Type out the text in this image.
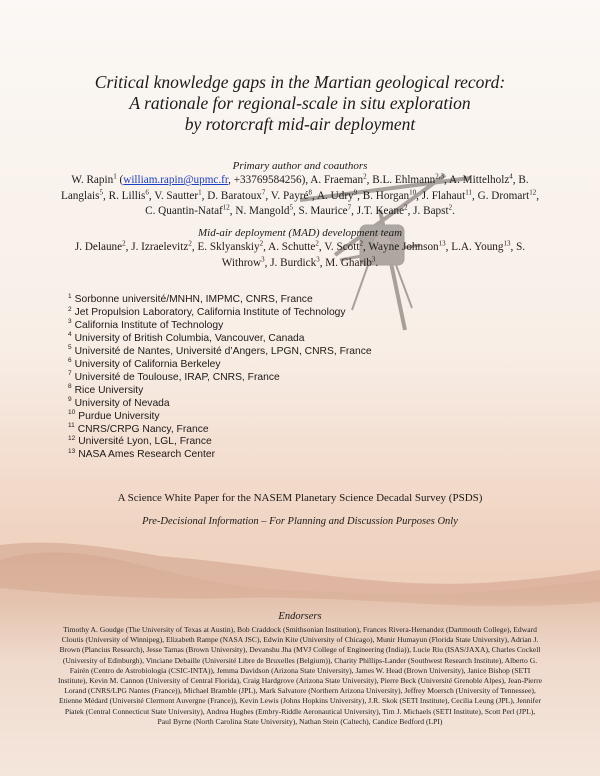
Critical knowledge gaps in the Martian geological record:
A rationale for regional-scale in situ exploration
by rotorcraft mid-air deployment
Primary author and coauthors
W. Rapin$^1$ (william.rapin@upmc.fr, +33769584256), A. Fraeman$^2$, B.L. Ehlmann$^{2,3}$, A. Mittelholz$^4$, B. Langlais$^5$, R. Lillis$^6$, V. Sautter$^1$, D. Baratoux$^7$, V. Payré$^8$, A. Udry$^9$, B. Horgan$^{10}$, J. Flahaut$^{11}$, G. Dromart$^{12}$, C. Quantin-Nataf$^{12}$, N. Mangold$^5$, S. Maurice$^7$, J.T. Keane$^2$, J. Bapst$^2$.
Mid-air deployment (MAD) development team
J. Delaune$^2$, J. Izraelevitz$^2$, E. Sklyanskiy$^2$, A. Schutte$^2$, V. Scott$^2$, Wayne Johnson$^{13}$, L.A. Young$^{13}$, S. Withrow$^3$, J. Burdick$^3$, M. Gharib$^3$.
$^1$ Sorbonne université/MNHN, IMPMC, CNRS, France
$^2$ Jet Propulsion Laboratory, California Institute of Technology
$^3$ California Institute of Technology
$^4$ University of British Columbia, Vancouver, Canada
$^5$ Université de Nantes, Université d’Angers, LPGN, CNRS, France
$^6$ University of California Berkeley
$^7$ Université de Toulouse, IRAP, CNRS, France
$^8$ Rice University
$^9$ University of Nevada
$^{10}$ Purdue University
$^{11}$ CNRS/CRPG Nancy, France
$^{12}$ Université Lyon, LGL, France
$^{13}$ NASA Ames Research Center
A Science White Paper for the NASEM Planetary Science Decadal Survey (PSDS)
Pre-Decisional Information – For Planning and Discussion Purposes Only
Endorsers
Timothy A. Goudge (The University of Texas at Austin), Bob Craddock (Smithsonian Institution), Frances Rivera-Hernandez (Dartmouth College), Edward Cloutis (University of Winnipeg), Elizabeth Rampe (NASA JSC), Edwin Kite (University of Chicago), Munir Humayun (Florida State University), Adrian J. Brown (Plancius Research), Jesse Tarnas (Brown University), Devanshu Jha (MVJ College of Engineering (India)), Lucie Riu (ISAS/JAXA), Charles Cockell (University of Edinburgh), Vinciane Debaille (Université Libre de Bruxelles (Belgium)), Charity Phillips-Lander (Southwest Research Institute), Alberto G. Fairén (Centro de Astrobiología (CSIC-INTA)), Jemma Davidson (Arizona State University), James W. Head (Brown University), Janice Bishop (SETI Institute), Kevin M. Cannon (University of Central Florida), Craig Hardgrove (Arizona State University), Pierre Beck (Université Grenoble Alpes), Jean-Pierre Lorand (CNRS/LPG Nantes (France)), Michael Bramble (JPL), Mark Salvatore (Northern Arizona University), Jeffrey Moersch (University of Tennessee), Etienne Médard (Université Clermont Auvergne (France)), Kevin Lewis (Johns Hopkins University), J.R. Skok (SETI Institute), Cecilia Leung (JPL), Jennifer Piatek (Central Connecticut State University), Andrea Hughes (Embry-Riddle Aeronautical University), Tim J. Michaels (SETI Institute), Scott Perl (JPL), Paul Byrne (North Carolina State University), Nathan Stein (Caltech), Candice Bedford (LPI)
